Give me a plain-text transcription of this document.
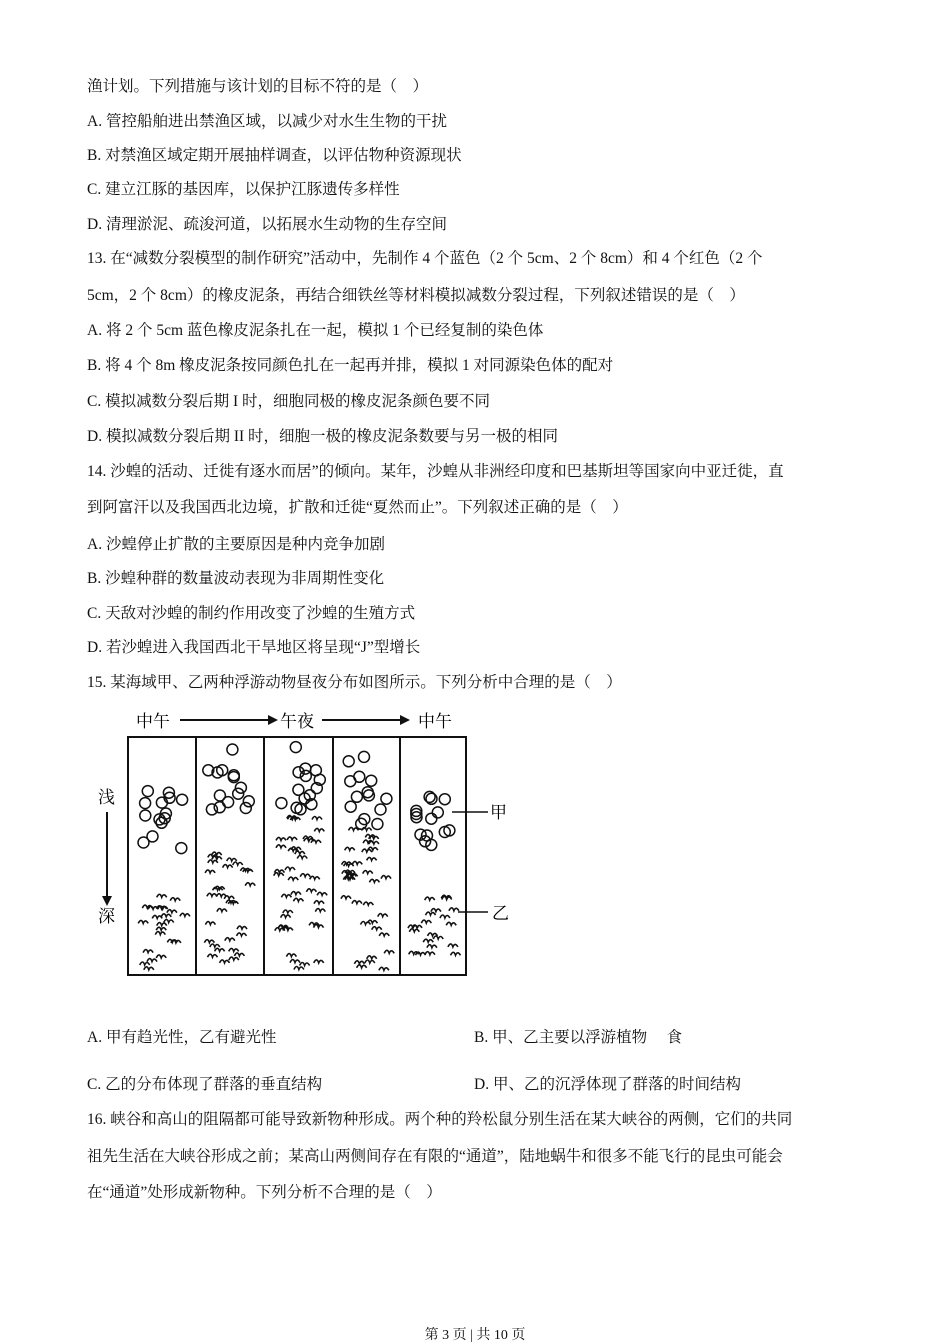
渔计划。下列措施与该计划的目标不符的是（　）
A. 管控船舶进出禁渔区域，以减少对水生生物的干扰
B. 对禁渔区域定期开展抽样调查，以评估物种资源现状
C. 建立江豚的基因库，以保护江豚遗传多样性
D. 清理淤泥、疏浚河道，以拓展水生动物的生存空间
13. 在“减数分裂模型的制作研究”活动中，先制作 4 个蓝色（2 个 5cm、2 个 8cm）和 4 个红色（2 个
5cm，2 个 8cm）的橡皮泥条，再结合细铁丝等材料模拟减数分裂过程，下列叙述错误的是（　）
A. 将 2 个 5cm 蓝色橡皮泥条扎在一起，模拟 1 个已经复制的染色体
B. 将 4 个 8m 橡皮泥条按同颜色扎在一起再并排，模拟 1 对同源染色体的配对
C. 模拟减数分裂后期 I 时，细胞同极的橡皮泥条颜色要不同
D. 模拟减数分裂后期 II 时，细胞一极的橡皮泥条数要与另一极的相同
14. 沙蝗的活动、迁徙有逐水而居”的倾向。某年，沙蝗从非洲经印度和巴基斯坦等国家向中亚迁徙，直
到阿富汗以及我国西北边境，扩散和迁徙“夏然而止”。下列叙述正确的是（　）
A. 沙蝗停止扩散的主要原因是种内竞争加剧
B. 沙蝗种群的数量波动表现为非周期性变化
C. 天敌对沙蝗的制约作用改变了沙蝗的生殖方式
D. 若沙蝗进入我国西北干旱地区将呈现“J”型增长
15. 某海域甲、乙两种浮游动物昼夜分布如图所示。下列分析中合理的是（　）
中午	午夜	中午
浅
深
甲
乙
A. 甲有趋光性，乙有避光性	B. 甲、乙主要以浮游植物　 食
C. 乙的分布体现了群落的垂直结构	D. 甲、乙的沉浮体现了群落的时间结构
16. 峡谷和高山的阻隔都可能导致新物种形成。两个种的羚松鼠分别生活在某大峡谷的两侧，它们的共同
祖先生活在大峡谷形成之前；某高山两侧间存在有限的“通道”，陆地蜗牛和很多不能飞行的昆虫可能会
在“通道”处形成新物种。下列分析不合理的是（　）
第 3 页 | 共 10 页
